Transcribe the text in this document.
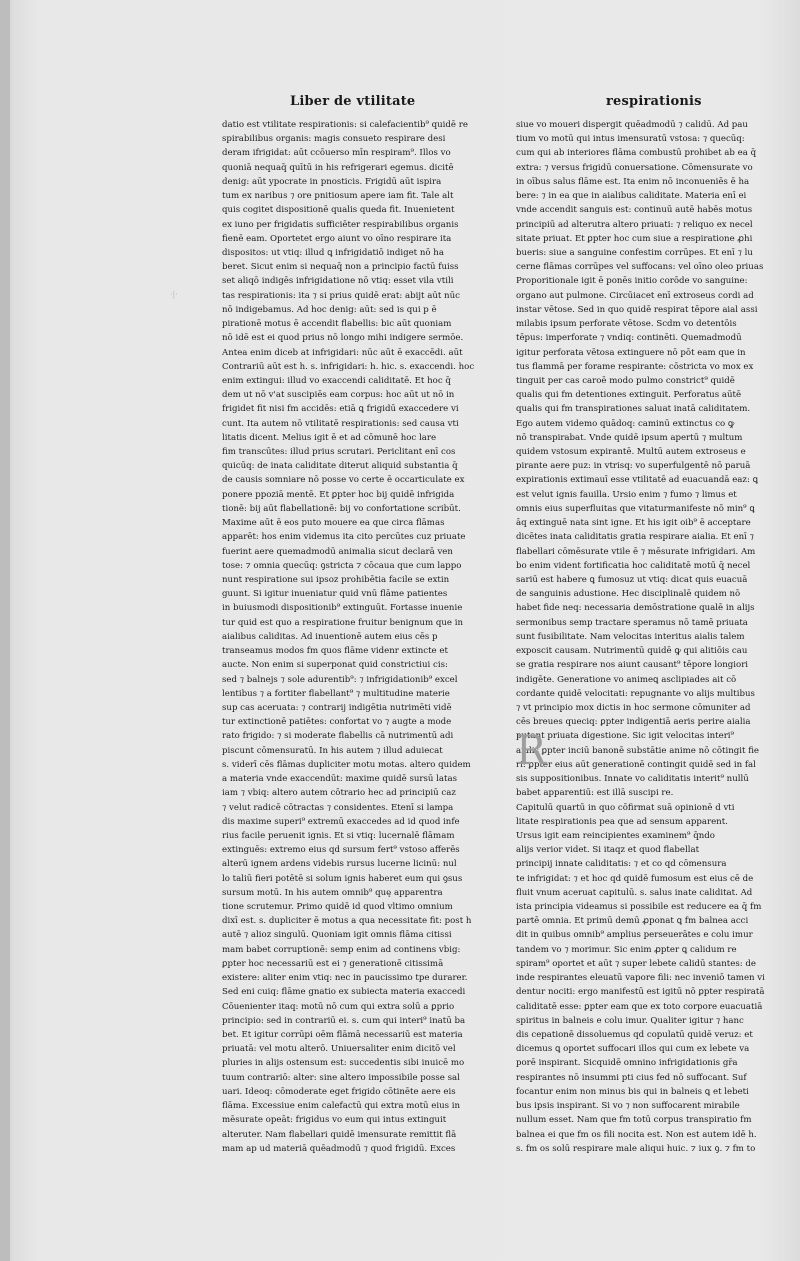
Liber de vtilitate	respirationis
·|·
datio est vtilitate respirationis: si calefacientib⁹ quidē re
spirabilibus organis: magis consueto respirare desi
deram ifrigidat: aūt ccōuerso mīn respiram⁹. Illos vo
quoniā nequaq̄ quītū in his refrigerari egemus. dicitē
denig: aūt ypocrate in pnosticis. Frigidū aūt ispira
tum ex naribus ⁊ ore pnitiosum apere iam fit. Tale alt
quis cogitet dispositionē qualis queda fit. Inuenietent
ex iuno per frigidatis sufficiēter respirabilibus organis
fienē eam. Oportetet ergo aiunt vo oīno respirare ita
dispositos: ut vtiq: illud ꝗ infrigidatiō indiget nō ha
beret. Sicut enim si nequaq̄ non a principio factū fuiss
set aliqō indigēs infrigidatione nō vtiq: esset vila vtili
tas respirationis: ita ⁊ si prius quidē erat: abijt aūt nūc
nō indigebamus. Ad hoc denig: aūt: sed is qui p ē
pirationē motus ē accendit flabellis: bic aūt quoniam
nō idē est ei quod prius nō longo mihi indigere sermōe.
Antea enim diceb at infrigidari: nūc aūt ē exaccēdi. aūt
Contrariū aūt est h. s. infrigidari: h. hic. s. exaccendi. hoc
enim extingui: illud vo exaccendi caliditatē. Et hoc q̄
dem ut nō v'at suscipiēs eam corpus: hoc aūt ut nō in
frigidet fit nisi fm accidēs: etiā ꝗ frigidū exaccedere vi
cunt. Ita autem nō vtilitatē respirationis: sed causa vti
litatis dicent. Melius igit ē et ad cōmunē hoc lare
fim transcūtes: illud prius scrutari. Periclitant enī cos
quicūq: de inata caliditate diterut aliquid substantia q̄
de causis somniare nō posse vo certe ē occarticulate ex
ponere ppoziā mentē. Et ꝑpter hoc bij quidē infrigida
tionē: bij aūt flabellationē: bij vo confortatione scribūt.
Maxime aūt ē eos puto mouere ea que circa flāmas
apparēt: hos enim videmus ita cito percūtes cuz priuate
fuerint aere quemadmodū animalia sicut declarā ven
tose: ⁊ omnia quecūq: ꝯstricta ⁊ cōcaua que cum lappo
nunt respiratione sui ipsoz prohibētia facile se extin
guunt. Si igitur inueniatur quid vnū flāme patientes
in buiusmodi dispositionib⁹ extinguūt. Fortasse inuenie
tur quid est quo a respiratione fruitur benignum que in
aialibus caliditas. Ad inuentionē autem eius cēs p
transeamus modos fm quos flāme videnr extincte et
aucte. Non enim si superponat quid constrictiui cis:
sed ⁊ balnejs ⁊ sole adurentib⁹: ⁊ infrigidationib⁹ excel
lentibus ⁊ a fortiter flabellant⁹ ⁊ multitudine materie
sup cas aceruata: ⁊ contrarij indigētia nutrimēti vidē
tur extinctionē patiētes: confortat vo ⁊ augte a mode
rato frigido: ⁊ si moderate flabellis cā nutrimentū adi
piscunt cōmensuratū. In his autem ⁊ illud aduiecat
s. viderī cēs flāmas dupliciter motu motas. altero quidem
a materia vnde exaccendūt: maxime quidē sursū latas
iam ⁊ vbiq: altero autem cōtrario hec ad principiū caz
⁊ velut radicē cōtractas ⁊ considentes. Etenī si lampa
dis maxime superi⁹ extremū exaccedes ad id quod infe
rius facile peruenit ignis. Et si vtiq: lucernalē flāmam
extinguēs: extremo eius qd sursum fert⁹ vstoso afferēs
alterū ignem ardens videbis rursus lucerne licinū: nul
lo taliū fieri potētē si solum ignis haberet eum qui ꝯsus
sursum motū. In his autem omnib⁹ quę apparentra
tione scrutemur. Primo quidē id quod vltimo omnium
dixī est. s. dupliciter ē motus a qua necessitate fit: post h
autē ⁊ alioz singulū. Quoniam igit omnis flāma citissi
mam babet corruptionē: semp enim ad continens vbig:
ꝑpter hoc necessariū est ei ⁊ generationē citissimā
existere: aliter enim vtiq: nec in paucissimo tpe durarer.
Sed eni cuiq: flāme gnatio ex subiecta materia exaccedi
Cōuenienter itaq: motū nō cum qui extra solū a ꝑprio
principio: sed in contrariū ei. s. cum qui interi⁹ inatū ba
bet. Et igitur corrūpi oēm flāmā necessariū est materia
priuatā: vel motu alterō. Uniuersaliter enim dicitō vel
pluries in alijs ostensum est: succedentis sibi inuicē mo
tuum contrariō: alter: sine altero impossibile posse sal
uari. Ideoq: cōmoderate eget frigido cōtinēte aere eis
flāma. Excessiue enim calefactū qui extra motū eius in
mēsurate opeāt: frigidus vo eum qui intus extinguit
alteruter. Nam flabellari quidē imensurate remittit flā
mam ap ud materiā quēadmodū ⁊ quod frigidū. Exces
siue vo moueri dispergit quēadmodū ⁊ calidū. Ad pau
tium vo motū qui intus imensuratū vstosa: ⁊ quecūq:
cum qui ab interiores flāma combustū prohibet ab ea q̄
extra: ⁊ versus frigidū conuersatione. Cōmensurate vo
in oībus salus flāme est. Ita enim nō inconueniēs ē ha
bere: ⁊ in ea que in aialibus caliditate. Materia enī ei
vnde accendit sanguis est: continuū autē habēs motus
principiū ad alterutra altero priuati: ⁊ reliquo ex necel
sitate priuat. Et ꝑpter hoc cum siue a respiratione ꝓhi
bueris: siue a sanguine confestim corrūpes. Et enī ⁊ lu
cerne flāmas corrūpes vel suffocans: vel oīno oleo priuas
Proporitionale igit ē ponēs initio corōde vo sanguine:
organo aut pulmone. Circūiacet enī extroseus cordi ad
instar vētose. Sed in quo quidē respirat tēpore aial assi
milabis ipsum perforate vētose. Scdm vo detentōis
tēpus: imperforate ⁊ vndiq: continēti. Quemadmodū
igitur perforata vētosa extinguere nō pōt eam que in
tus flammā per forame respirante: cōstricta vo mox ex
tinguit per cas caroē modo pulmo constrict⁹ quidē
qualis qui fm detentiones extinguit. Perforatus aūtē
qualis qui fm transpirationes saluat inatā caliditatem.
Ego autem videmo quādoq: caminū extinctus co ꝙ
nō transpirabat. Vnde quidē ipsum apertū ⁊ multum
quidem vstosum expirantē. Multū autem extroseus e
pirante aere puz: in vtrisq: vo superfulgentē nō paruā
expirationis extimauī esse vtilitatē ad euacuandā eaz: ꝗ
est velut ignis fauilla. Ursio enim ⁊ fumo ⁊ limus et
omnis eius superfluitas que vitaturmanifeste nō min⁹ ꝗ
āq extinguē nata sint igne. Et his igit oib⁹ ē acceptare
dicētes inata caliditatis gratia respirare aialia. Et enī ⁊
flabellari cōmēsurate vtile ē ⁊ mēsurate infrigidari. Am
bo enim vident fortificatia hoc caliditatē motū q̄ necel
sariū est habere ꝗ fumosuz ut vtiq: dicat quis euacuā
de sanguinis adustione. Hec disciplinalē quidem nō
habet fide neq: necessaria demōstratione qualē in alijs
sermonibus semp tractare speramus nō tamē priuata
sunt fusibilitate. Nam velocitas interitus aialis talem
exposcit causam. Nutrimentū quidē ꝙ qui alitiōis cau
se gratia respirare nos aiunt causant⁹ tēpore longiori
indigēte. Generatione vo animeꝗ asclipiades ait cō
cordante quidē velocitati: repugnante vo alijs multibus
⁊ vt principio mox dictis in hoc sermone cōmuniter ad
cēs breues queciq: ꝑpter indigentiā aeris perire aialia
putant priuata digestione. Sic igit velocitas interi⁹
aialis ꝑpter inciū banonē substātie anime nō cōtingit fie
ri: ꝑpter eius aūt generationē contingit quidē sed in fal
sis suppositionibus. Innate vo caliditatis interit⁹ nullū
babet apparentiū: est illā suscipi re.
Capitulū quartū in quo cōfirmat suā opinionē d vti
litate respirationis pea que ad sensum apparent.
Ursus igit eam reincipientes examinem⁹ q̄ndo
alijs verior videt. Si itaqz et quod flabellat
principij innate caliditatis: ⁊ et co qd cōmensura
te infrigidat: ⁊ et hoc qd quidē fumosum est eius cē de
fluit vnum aceruat capitulū. s. salus inate caliditat. Ad
ista principia videamus si possibile est reducere ea q̄ fm
partē omnia. Et primū demū ꝓponat ꝗ fm balnea acci
dit in quibus omnib⁹ amplius perseuerātes e colu imur
tandem vo ⁊ morimur. Sic enim ꝓpter ꝗ calidum re
spiram⁹ oportet et aūt ⁊ super lebete calidū stantes: de
inde respirantes eleuatū vapore fili: nec inveniō tamen vi
dentur nociti: ergo manifestū est igitū nō ꝑpter respiratā
caliditatē esse: ꝑpter eam que ex toto corpore euacuatiā
spiritus in balneis e colu imur. Qualiter igitur ⁊ hanc
dis cepationē dissoluemus qd copulatū quidē veruz: et
dicemus ꝗ oportet suffocari illos qui cum ex lebete va
porē inspirant. Sicquidē omnino infrigidationis gr̄a
respirantes nō insummi pti cius fed nō suffocant. Suf
focantur enim non minus bis qui in balneis ꝗ et lebeti
bus ipsis inspirant. Si vo ⁊ non suffocarent mirabile
nullum esset. Nam que fm totū corpus transpiratio fm
balnea ei que fm os fili nocita est. Non est autem idē h.
s. fm os solū respirare male aliqui huic. ⁊ iux ꝯ. ⁊ fm to
R
